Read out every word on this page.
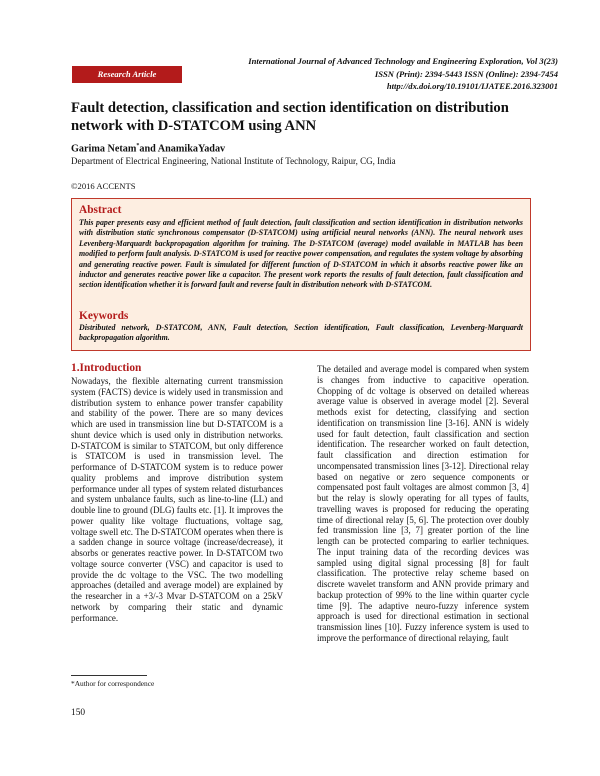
International Journal of Advanced Technology and Engineering Exploration, Vol 3(23)
ISSN (Print): 2394-5443 ISSN (Online): 2394-7454
http://dx.doi.org/10.19101/IJATEE.2016.323001
Research Article
Fault detection, classification and section identification on distribution network with D-STATCOM using ANN
Garima Netam*and AnamikaYadav
Department of Electrical Engineering, National Institute of Technology, Raipur, CG, India
©2016 ACCENTS
Abstract
This paper presents easy and efficient method of fault detection, fault classification and section identification in distribution networks with distribution static synchronous compensator (D-STATCOM) using artificial neural networks (ANN). The neural network uses Levenberg-Marquardt backpropagation algorithm for training. The D-STATCOM (average) model available in MATLAB has been modified to perform fault analysis. D-STATCOM is used for reactive power compensation, and regulates the system voltage by absorbing and generating reactive power. Fault is simulated for different function of D-STATCOM in which it absorbs reactive power like an inductor and generates reactive power like a capacitor. The present work reports the results of fault detection, fault classification and section identification whether it is forward fault and reverse fault in distribution network with D-STATCOM.
Keywords
Distributed network, D-STATCOM, ANN, Fault detection, Section identification, Fault classification, Levenberg-Marquardt backpropagation algorithm.
1.Introduction

Nowadays, the flexible alternating current transmission system (FACTS) device is widely used in transmission and distribution system to enhance power transfer capability and stability of the power. There are so many devices which are used in transmission line but D-STATCOM is a shunt device which is used only in distribution networks. D-STATCOM is similar to STATCOM, but only difference is STATCOM is used in transmission level. The performance of D-STATCOM system is to reduce power quality problems and improve distribution system performance under all types of system related disturbances and system unbalance faults, such as line-to-line (LL) and double line to ground (DLG) faults etc. [1]. It improves the power quality like voltage fluctuations, voltage sag, voltage swell etc. The D-STATCOM operates when there is a sadden change in source voltage (increase/decrease), it absorbs or generates reactive power. In D-STATCOM two voltage source converter (VSC) and capacitor is used to provide the dc voltage to the VSC. The two modelling approaches (detailed and average model) are explained by the researcher in a +3/-3 Mvar D-STATCOM on a 25kV network by comparing their static and dynamic performance.

The detailed and average model is compared when system is changes from inductive to capacitive operation. Chopping of dc voltage is observed on detailed whereas average value is observed in average model [2]. Several methods exist for detecting, classifying and section identification on transmission line [3-16]. ANN is widely used for fault detection, fault classification and section identification. The researcher worked on fault detection, fault classification and direction estimation for uncompensated transmission lines [3-12]. Directional relay based on negative or zero sequence components or compensated post fault voltages are almost common [3, 4] but the relay is slowly operating for all types of faults, travelling waves is proposed for reducing the operating time of directional relay [5, 6]. The protection over doubly fed transmission line [3, 7] greater portion of the line length can be protected comparing to earlier techniques. The input training data of the recording devices was sampled using digital signal processing [8] for fault classification. The protective relay scheme based on discrete wavelet transform and ANN provide primary and backup protection of 99% to the line within quarter cycle time [9]. The adaptive neuro-fuzzy inference system approach is used for directional estimation in sectional transmission lines [10]. Fuzzy inference system is used to improve the performance of directional relaying, fault

*Author for correspondence
150
